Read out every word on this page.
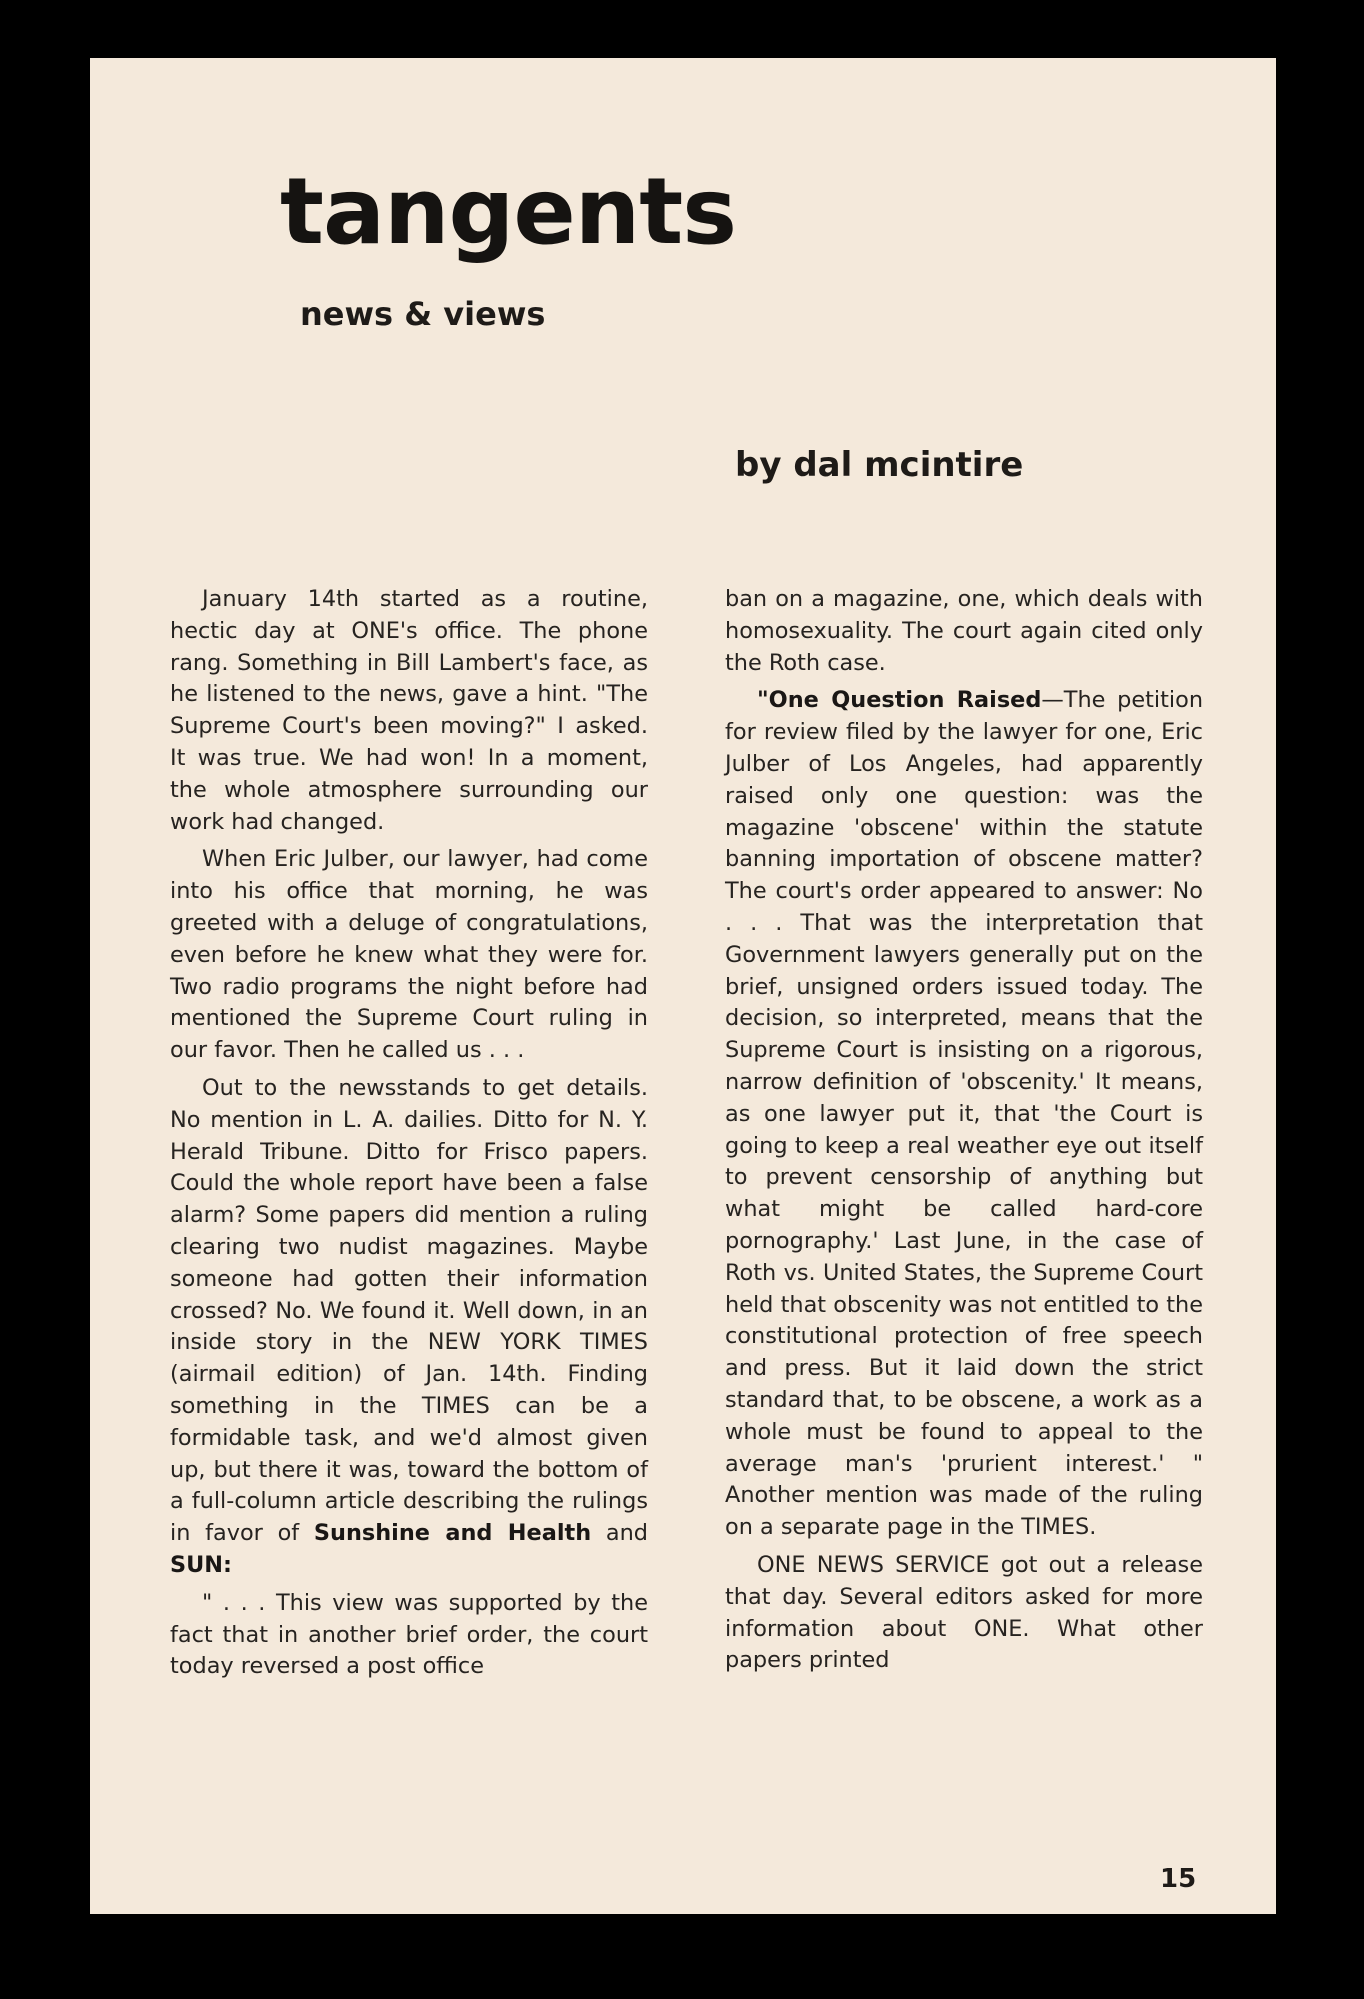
tangents
news & views
by dal mcintire

January 14th started as a routine, hectic day at ONE's office. The phone rang. Something in Bill Lambert's face, as he listened to the news, gave a hint. "The Supreme Court's been moving?" I asked. It was true. We had won! In a moment, the whole atmosphere surrounding our work had changed.

When Eric Julber, our lawyer, had come into his office that morning, he was greeted with a deluge of congratulations, even before he knew what they were for. Two radio programs the night before had mentioned the Supreme Court ruling in our favor. Then he called us . . .

Out to the newsstands to get details. No mention in L. A. dailies. Ditto for N. Y. Herald Tribune. Ditto for Frisco papers. Could the whole report have been a false alarm? Some papers did mention a ruling clearing two nudist magazines. Maybe someone had gotten their information crossed? No. We found it. Well down, in an inside story in the NEW YORK TIMES (airmail edition) of Jan. 14th. Finding something in the TIMES can be a formidable task, and we'd almost given up, but there it was, toward the bottom of a full-column article describing the rulings in favor of Sunshine and Health and SUN:

" . . . This view was supported by the fact that in another brief order, the court today reversed a post office

ban on a magazine, one, which deals with homosexuality. The court again cited only the Roth case.

"One Question Raised—The petition for review filed by the lawyer for one, Eric Julber of Los Angeles, had apparently raised only one question: was the magazine 'obscene' within the statute banning importation of obscene matter? The court's order appeared to answer: No . . . That was the interpretation that Government lawyers generally put on the brief, unsigned orders issued today. The decision, so interpreted, means that the Supreme Court is insisting on a rigorous, narrow definition of 'obscenity.' It means, as one lawyer put it, that 'the Court is going to keep a real weather eye out itself to prevent censorship of anything but what might be called hard-core pornography.' Last June, in the case of Roth vs. United States, the Supreme Court held that obscenity was not entitled to the constitutional protection of free speech and press. But it laid down the strict standard that, to be obscene, a work as a whole must be found to appeal to the average man's 'prurient interest.' " Another mention was made of the ruling on a separate page in the TIMES.

ONE NEWS SERVICE got out a release that day. Several editors asked for more information about ONE. What other papers printed

15
